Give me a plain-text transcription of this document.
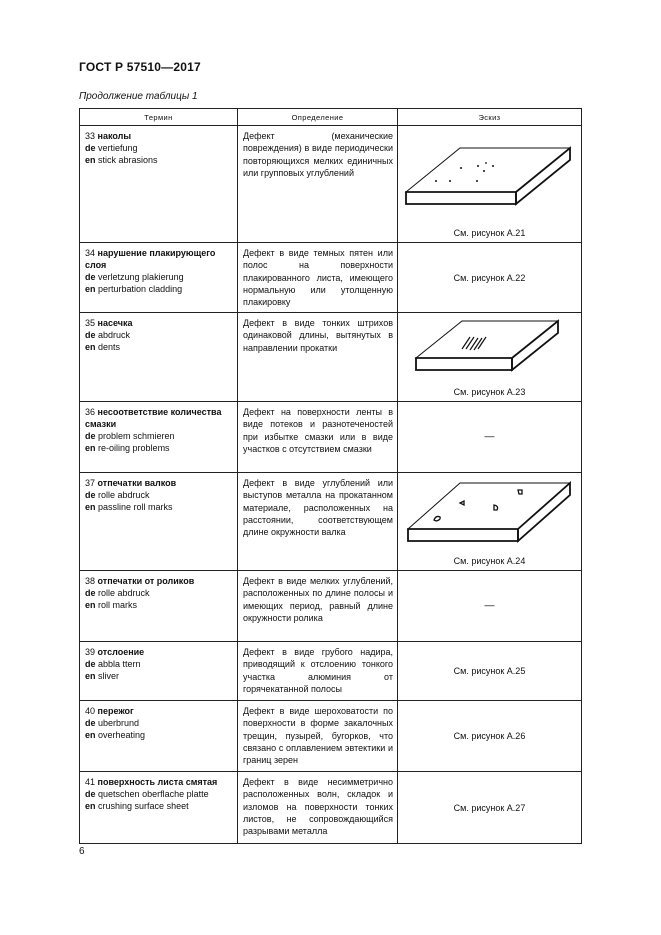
ГОСТ Р 57510—2017
Продолжение таблицы 1
Термин	Определение	Эскиз

33 наколы
de vertiefung
en stick abrasions	Дефект (механические повреждения) в виде периодически повторяющихся мелких единичных или групповых углублений	См. рисунок А.21

34 нарушение плакирующего слоя
de verletzung plakierung
en perturbation cladding	Дефект в виде темных пятен или полос на поверхности плакированного листа, имеющего нормальную или утолщенную плакировку	См. рисунок А.22

35 насечка
de abdruck
en dents	Дефект в виде тонких штрихов одинаковой длины, вытянутых в направлении прокатки	См. рисунок А.23

36 несоответствие количества смазки
de problem schmieren
en re-oiling problems	Дефект на поверхности ленты в виде потеков и разнотеченостей при избытке смазки или в виде участков с отсутствием смазки	—

37 отпечатки валков
de rolle abdruck
en passline roll marks	Дефект в виде углублений или выступов металла на прокатанном материале, расположенных на расстоянии, соответствующем длине окружности валка	См. рисунок А.24

38 отпечатки от роликов
de rolle abdruck
en roll marks	Дефект в виде мелких углублений, расположенных по длине полосы и имеющих период, равный длине окружности ролика	—

39 отслоение
de abbla ttern
en sliver	Дефект в виде грубого надира, приводящий к отслоению тонкого участка алюминия от горячекатанной полосы	См. рисунок А.25

40 пережог
de uberbrund
en overheating	Дефект в виде шероховатости по поверхности в форме закалочных трещин, пузырей, бугорков, что связано с оплавлением эвтектики и границ зерен	См. рисунок А.26

41 поверхность листа смятая
de quetschen oberflache platte
en crushing surface sheet	Дефект в виде несимметрично расположенных волн, складок и изломов на поверхности тонких листов, не сопровождающийся разрывами металла	См. рисунок А.27
6
